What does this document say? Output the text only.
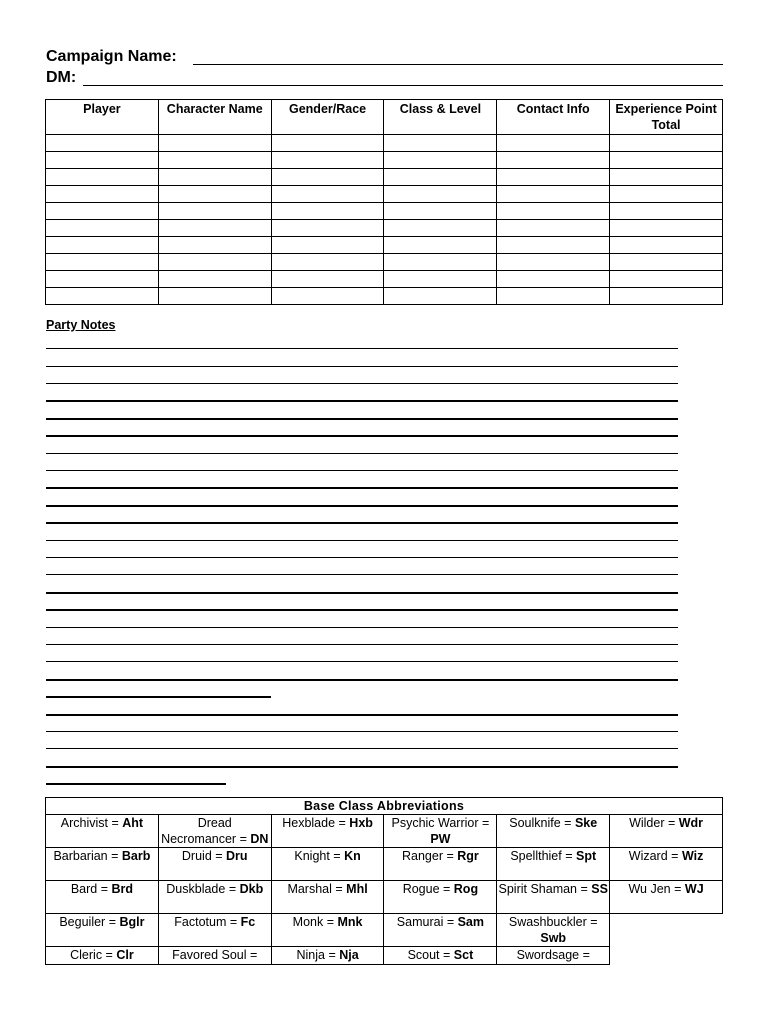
Campaign Name:
DM:
Player	Character Name	Gender/Race	Class & Level	Contact Info	Experience Point Total

Party Notes
Base Class Abbreviations					
Archivist = Aht	Dread Necromancer = DN	Hexblade = Hxb	Psychic Warrior = PW	Soulknife = Ske	Wilder = Wdr
Barbarian = Barb	Druid = Dru	Knight = Kn	Ranger = Rgr	Spellthief = Spt	Wizard = Wiz
Bard = Brd	Duskblade = Dkb	Marshal = Mhl	Rogue = Rog	Spirit Shaman = SS	Wu Jen = WJ
Beguiler = Bglr	Factotum = Fc	Monk = Mnk	Samurai = Sam	Swashbuckler = Swb	
Cleric = Clr	Favored Soul =	Ninja = Nja	Scout = Sct	Swordsage =	
